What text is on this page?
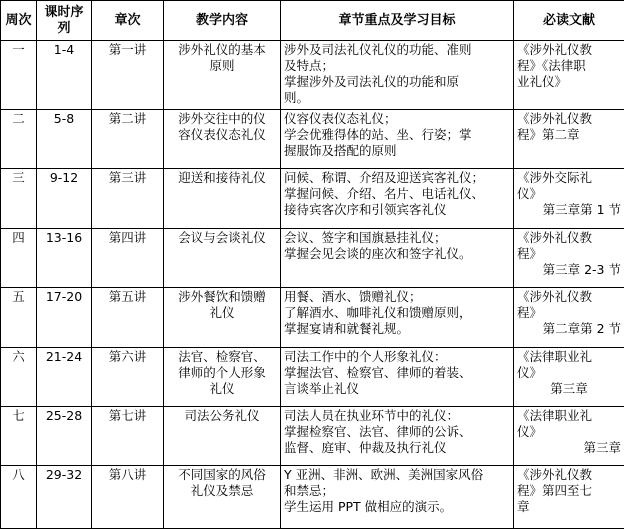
周次	课时序列	章次	教学内容	章节重点及学习目标	必读文献
一	1-4	第一讲	涉外礼仪的基本
原则	涉外及司法礼仪礼仪的功能、准则
及特点；
掌握涉外及司法礼仪的功能和原
则。	《涉外礼仪教
程》《法律职
业礼仪》

二	5-8	第二讲	涉外交往中的仪
容仪表仪态礼仪	仪容仪表仪态礼仪；
学会优雅得体的站、坐、行姿；掌
握服饰及搭配的原则	《涉外礼仪教
程》第二章

三	9-12	第三讲	迎送和接待礼仪	问候、称谓、介绍及迎送宾客礼仪；
掌握问候、介绍、名片、电话礼仪、
接待宾客次序和引领宾客礼仪	《涉外交际礼
仪》
第三章第 1 节

四	13-16	第四讲	会议与会谈礼仪	会议、签字和国旗悬挂礼仪；
掌握会见会谈的座次和签字礼仪。	《涉外礼仪教
程》
第三章 2-3 节

五	17-20	第五讲	涉外餐饮和馈赠
礼仪	用餐、酒水、馈赠礼仪；
了解酒水、咖啡礼仪和馈赠原则，
掌握宴请和就餐礼规。	《涉外礼仪教
程》
第二章第 2 节

六	21-24	第六讲	法官、检察官、
律师的个人形象
礼仪	司法工作中的个人形象礼仪：
掌握法官、检察官、律师的着装、
言谈举止礼仪	《法律职业礼
仪》
第三章

七	25-28	第七讲	司法公务礼仪	司法人员在执业环节中的礼仪：
掌握检察官、法官、律师的公诉、
监督、庭审、仲裁及执行礼仪	《法律职业礼
仪》
第三章

八	29-32	第八讲	不同国家的风俗
礼仪及禁忌	Y 亚洲、非洲、欧洲、美洲国家风俗
和禁忌；
学生运用 PPT 做相应的演示。	《涉外礼仪教
程》第四至七
章
